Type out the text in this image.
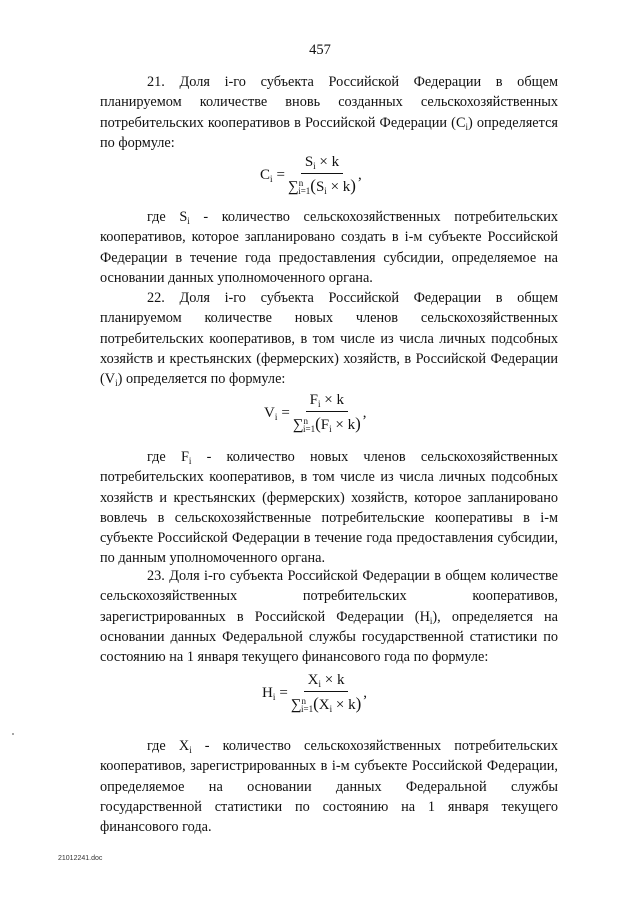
457

21. Доля i-го субъекта Российской Федерации в общем планируемом количестве вновь созданных сельскохозяйственных потребительских кооперативов в Российской Федерации $(C_i)$ определяется по формуле:

$C_i = \frac{S_i \times k}{\sum^n_{i=1}(S_i \times k)}$ ,

где $S_i$ - количество сельскохозяйственных потребительских кооперативов, которое запланировано создать в i-м субъекте Российской Федерации в течение года предоставления субсидии, определяемое на основании данных уполномоченного органа.

22. Доля i-го субъекта Российской Федерации в общем планируемом количестве новых членов сельскохозяйственных потребительских кооперативов, в том числе из числа личных подсобных хозяйств и крестьянских (фермерских) хозяйств, в Российской Федерации $(V_i)$ определяется по формуле:

$V_i = \frac{F_i \times k}{\sum^n_{i=1}(F_i \times k)}$ ,

где $F_i$ - количество новых членов сельскохозяйственных потребительских кооперативов, в том числе из числа личных подсобных хозяйств и крестьянских (фермерских) хозяйств, которое запланировано вовлечь в сельскохозяйственные потребительские кооперативы в i-м субъекте Российской Федерации в течение года предоставления субсидии, по данным уполномоченного органа.

23. Доля i-го субъекта Российской Федерации в общем количестве сельскохозяйственных потребительских кооперативов, зарегистрированных в Российской Федерации $(H_i)$, определяется на основании данных Федеральной службы государственной статистики по состоянию на 1 января текущего финансового года по формуле:

$H_i = \frac{X_i \times k}{\sum^n_{i=1}(X_i \times k)}$ ,

где $X_i$ - количество сельскохозяйственных потребительских кооперативов, зарегистрированных в i-м субъекте Российской Федерации, определяемое на основании данных Федеральной службы государственной статистики по состоянию на 1 января текущего финансового года.

21012241.doc
